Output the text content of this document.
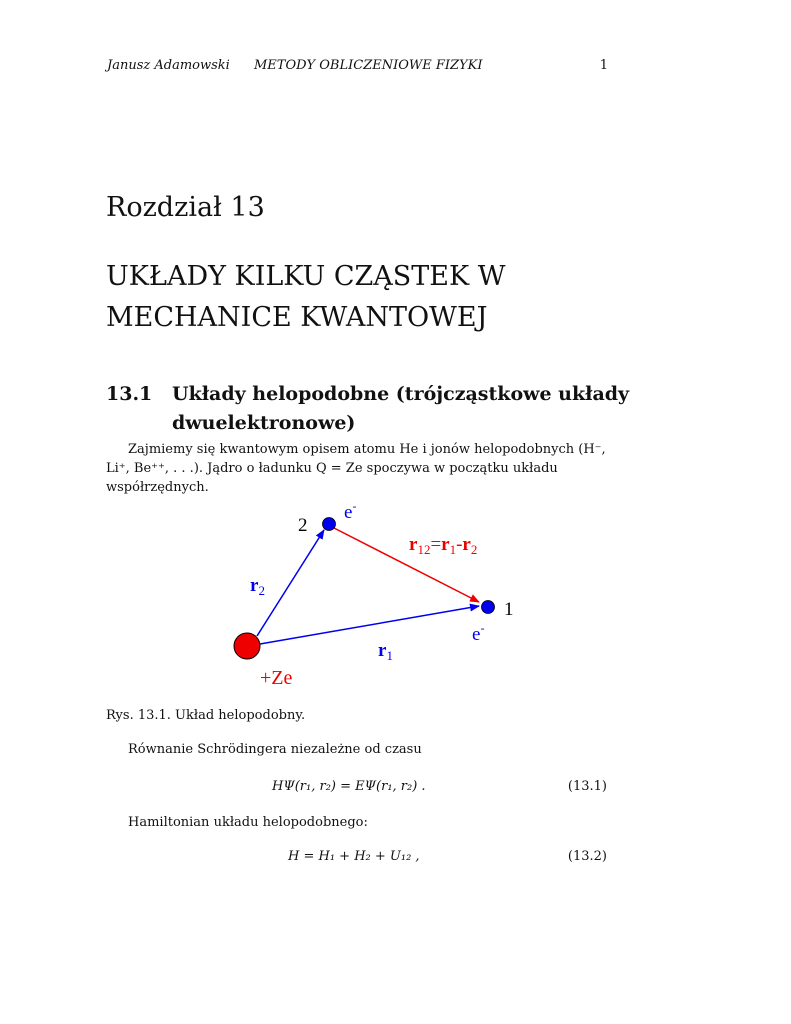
Janusz Adamowski METODY OBLICZENIOWE FIZYKI	1
Rozdział 13
UKŁADY KILKU CZĄSTEK W
MECHANICE KWANTOWEJ
13.1 Układy helopodobne (trójcząstkowe układy
dwuelektronowe)

Zajmiemy się kwantowym opisem atomu He i jonów helopodobnych (H⁻, Li⁺, Be⁺⁺, . . .). Jądro o ładunku Q = Ze spoczywa w początku układu współrzędnych.

2
e-
$r_{12}=r_1-r_2$
$r_2$
1
e-
$r_1$
+Ze
Rys. 13.1. Układ helopodobny.

Równanie Schrödingera niezależne od czasu

HΨ(r₁, r₂) = EΨ(r₁, r₂) .	(13.1)

Hamiltonian układu helopodobnego:

H = H₁ + H₂ + U₁₂ ,	(13.2)
